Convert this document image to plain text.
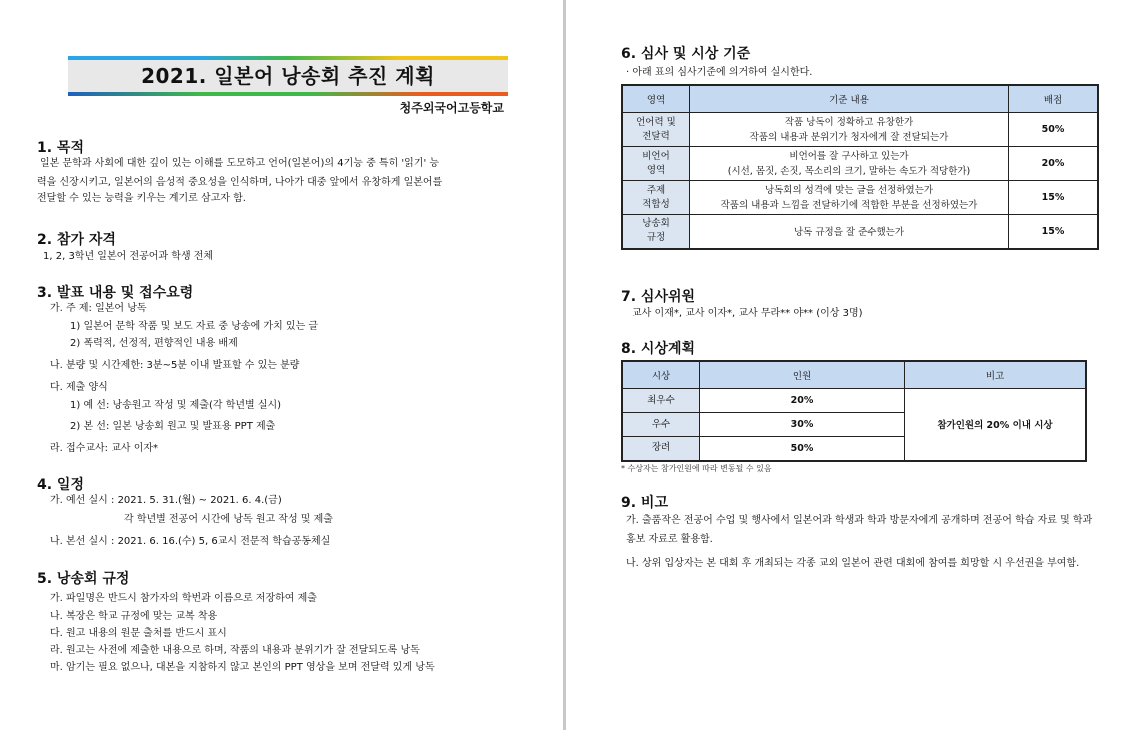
2021. 일본어 낭송회 추진 계획
청주외국어고등학교
1. 목적
일본 문학과 사회에 대한 깊이 있는 이해를 도모하고 언어(일본어)의 4기능 중 특히 '읽기' 능
력을 신장시키고, 일본어의 음성적 중요성을 인식하며, 나아가 대중 앞에서 유창하게 일본어를
전달할 수 있는 능력을 키우는 계기로 삼고자 함.
2. 참가 자격
1, 2, 3학년 일본어 전공어과 학생 전체
3. 발표 내용 및 접수요령
가. 주 제: 일본어 낭독
1) 일본어 문학 작품 및 보도 자료 중 낭송에 가치 있는 글
2) 폭력적, 선정적, 편향적인 내용 배제
나. 분량 및 시간제한: 3분~5분 이내 발표할 수 있는 분량
다. 제출 양식
1) 예 선: 낭송원고 작성 및 제출(각 학년별 실시)
2) 본 선: 일본 낭송회 원고 및 발표용 PPT 제출
라. 접수교사: 교사 이자*
4. 일정
가. 예선 실시 : 2021. 5. 31.(월) ~ 2021. 6. 4.(금)
각 학년별 전공어 시간에 낭독 원고 작성 및 제출
나. 본선 실시 : 2021. 6. 16.(수) 5, 6교시 전문적 학습공동체실
5. 낭송회 규정
가. 파일명은 반드시 참가자의 학번과 이름으로 저장하여 제출
나. 복장은 학교 규정에 맞는 교복 착용
다. 원고 내용의 원문 출처를 반드시 표시
라. 원고는 사전에 제출한 내용으로 하며, 작품의 내용과 분위기가 잘 전달되도록 낭독
마. 암기는 필요 없으나, 대본을 지참하지 않고 본인의 PPT 영상을 보며 전달력 있게 낭독
6. 심사 및 시상 기준
· 아래 표의 심사기준에 의거하여 실시한다.
영역	기준 내용	배점
언어력 및
전달력	작품 낭독이 정확하고 유창한가
작품의 내용과 분위기가 청자에게 잘 전달되는가	50%
비언어
영역	비언어를 잘 구사하고 있는가
(시선, 몸짓, 손짓, 목소리의 크기, 말하는 속도가 적당한가)	20%
주제
적합성	낭독회의 성격에 맞는 글을 선정하였는가
작품의 내용과 느낌을 전달하기에 적합한 부분을 선정하였는가	15%
낭송회
규정	낭독 규정을 잘 준수했는가	15%
7. 심사위원
교사 이재*, 교사 이자*, 교사 무라** 야** (이상 3명)
8. 시상계획
시상	인원	비고
최우수	20%	참가인원의 20% 이내 시상
우수	30%	
장려	50%	
* 수상자는 참가인원에 따라 변동될 수 있음
9. 비고
가. 출품작은 전공어 수업 및 행사에서 일본어과 학생과 학과 방문자에게 공개하며 전공어 학습 자료 및 학과 홍보 자료로 활용함.
나. 상위 입상자는 본 대회 후 개최되는 각종 교외 일본어 관련 대회에 참여를 희망할 시 우선권을 부여함.
